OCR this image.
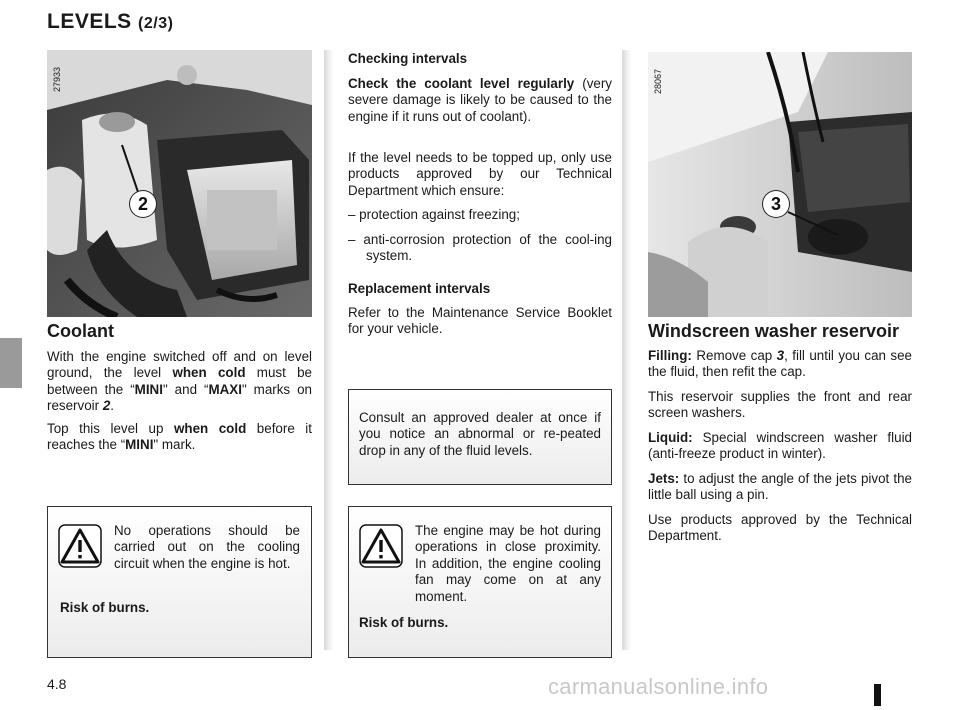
LEVELS (2/3)
27933
2
28067
3
Coolant
With the engine switched off and on level ground, the level when cold must be between the “MINI" and “MAXI" marks on reservoir 2.
Top this level up when cold before it reaches the “MINI" mark.
No operations should be carried out on the cooling circuit when the engine is hot.
Risk of burns.
Checking intervals
Check the coolant level regularly (very severe damage is likely to be caused to the engine if it runs out of coolant).
If the level needs to be topped up, only use products approved by our Technical Department which ensure:
– protection against freezing;
– anti-corrosion protection of the cool-ing system.
Replacement intervals
Refer to the Maintenance Service Booklet for your vehicle.
Consult an approved dealer at once if you notice an abnormal or re-peated drop in any of the fluid levels.
The engine may be hot during operations in close proximity. In addition, the engine cooling fan may come on at any moment.
Risk of burns.
Windscreen washer reservoir
Filling: Remove cap 3, fill until you can see the fluid, then refit the cap.
This reservoir supplies the front and rear screen washers.
Liquid: Special windscreen washer fluid (anti-freeze product in winter).
Jets: to adjust the angle of the jets pivot the little ball using a pin.
Use products approved by the Technical Department.
4.8	carmanualsonline.info
